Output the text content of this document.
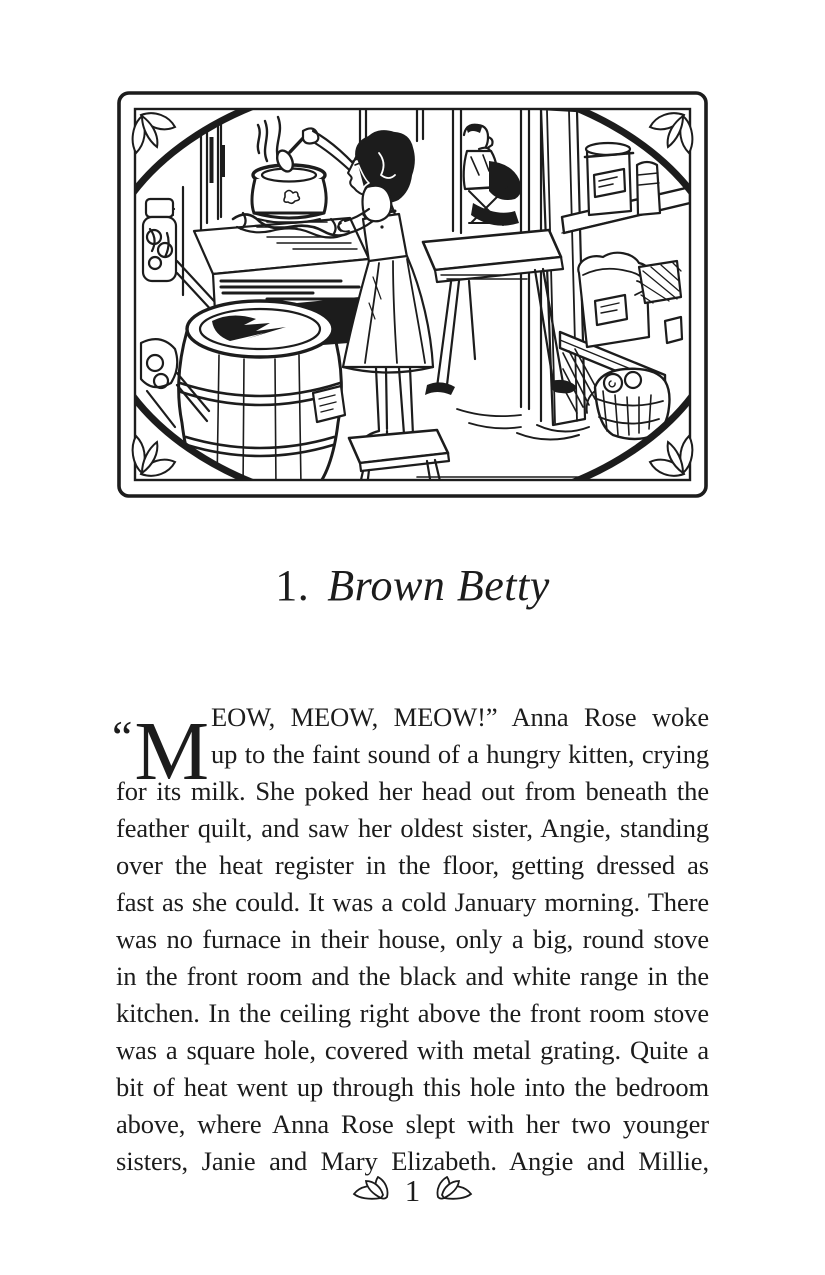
1. Brown Betty
“M EOW, MEOW, MEOW!” Anna Rose woke
up to the faint sound of a hungry kitten, crying
for its milk. She poked her head out from beneath the
feather quilt, and saw her oldest sister, Angie, standing
over the heat register in the floor, getting dressed as
fast as she could. It was a cold January morning. There
was no furnace in their house, only a big, round stove
in the front room and the black and white range in the
kitchen. In the ceiling right above the front room stove
was a square hole, covered with metal grating. Quite a
bit of heat went up through this hole into the bedroom
above, where Anna Rose slept with her two younger
sisters, Janie and Mary Elizabeth. Angie and Millie,
1
